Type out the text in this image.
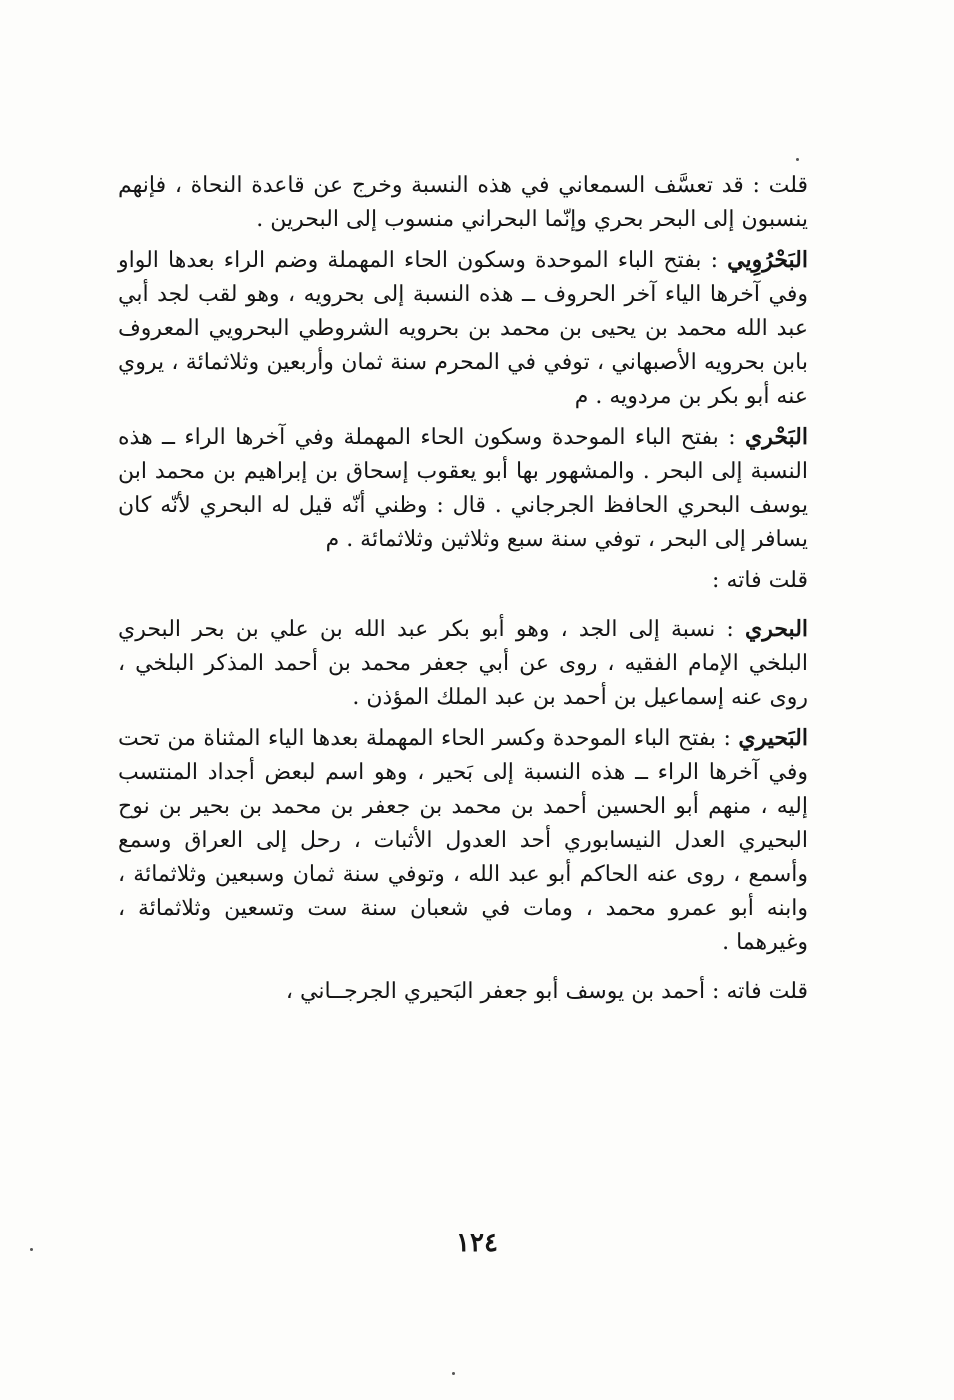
قلت : قد تعسَّف السمعاني في هذه النسبة وخرج عن قاعدة النحاة ، فإنهم ينسبون إلى البحر بحري وإنّما البحراني منسوب إلى البحرين .

البَحْرُوِيي : بفتح الباء الموحدة وسكون الحاء المهملة وضم الراء بعدها الواو وفي آخرها الياء آخر الحروف ــ هذه النسبة إلى بحرويه ، وهو لقب لجد أبي عبد الله محمد بن يحيى بن محمد بن بحرويه الشروطي البحرويي المعروف بابن بحرويه الأصبهاني ، توفي في المحرم سنة ثمان وأربعين وثلاثمائة ، يروي عنه أبو بكر بن مردويه . م

البَحْري : بفتح الباء الموحدة وسكون الحاء المهملة وفي آخرها الراء ــ هذه النسبة إلى البحر . والمشهور بها أبو يعقوب إسحاق بن إبراهيم بن محمد ابن يوسف البحري الحافظ الجرجاني . قال : وظني أنّه قيل له البحري لأنّه كان يسافر إلى البحر ، توفي سنة سبع وثلاثين وثلاثمائة . م

قلت فاته :

البحري : نسبة إلى الجد ، وهو أبو بكر عبد الله بن علي بن بحر البحري البلخي الإمام الفقيه ، روى عن أبي جعفر محمد بن أحمد المذكر البلخي ، روى عنه إسماعيل بن أحمد بن عبد الملك المؤذن .

البَحيري : بفتح الباء الموحدة وكسر الحاء المهملة بعدها الياء المثناة من تحت وفي آخرها الراء ــ هذه النسبة إلى بَحير ، وهو اسم لبعض أجداد المنتسب إليه ، منهم أبو الحسين أحمد بن محمد بن جعفر بن محمد بن بحير بن نوح البحيري العدل النيسابوري أحد العدول الأثبات ، رحل إلى العراق وسمع وأسمع ، روى عنه الحاكم أبو عبد الله ، وتوفي سنة ثمان وسبعين وثلاثمائة ، وابنه أبو عمرو محمد ، ومات في شعبان سنة ست وتسعين وثلاثمائة ، وغيرهما .

قلت فاته : أحمد بن يوسف أبو جعفر البَحيري الجرجــاني ،

١٢٤
